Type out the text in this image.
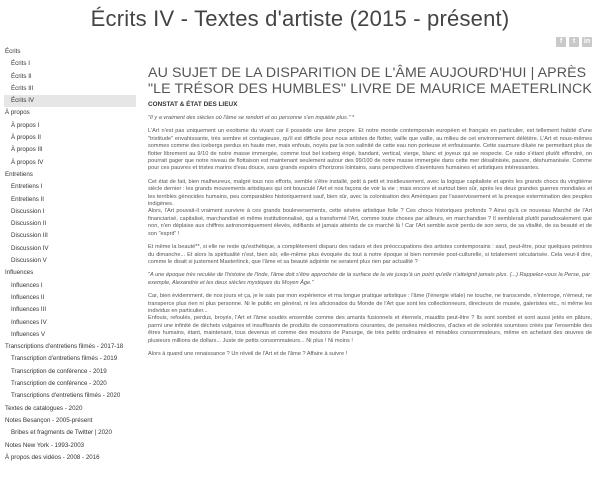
Écrits IV - Textes d'artiste (2015 - présent)
f	t	in
Écrits
Écrits I
Écrits II
Écrits III
Écrits IV
À propos
À propos I
À propos II
À propos III
À propos IV
Entretiens
Entretiens I
Entretiens II
Discussion I
Discussion II
Discussion III
Discussion IV
Discussion V
Influences
Influences I
Influences II
Influences III
Influences IV
Influences V
Transcriptions d'entretiens filmés - 2017-18
Transcription d'entretiens filmés - 2019
Transcription de conférence - 2019
Transcription de conférence - 2020
Transcriptions d'entretiens filmés - 2020
Textes de catalogues - 2020
Notes Besançon - 2005-présent
Bribes et fragments de Twitter | 2020
Notes New York - 1993-2003
À propos des vidéos - 2008 - 2016
AU SUJET DE LA DISPARITION DE L'ÂME AUJOURD'HUI | APRÈS "LE TRÉSOR DES HUMBLES" LIVRE DE MAURICE MAETERLINCK
CONSTAT & ÉTAT DES LIEUX

"Il y a vraiment des siècles où l'âme se rendort et ou personne s'en inquiète plus." *

L'Art n'est pas uniquement un exotisme du vivant car il possède une âme propre. Et notre monde contemporain européen et français en particulier, est tellement habité d'une "tristitude" envahissante, très sombre et contagieuse, qu'il est difficile pour nous artistes de flotter, vaille que vaille, au milieu de cet environnement délétère. L'Art et nous-mêmes sommes comme des icebergs perdus en haute mer, mais enfouis, noyés par la non salinité de cette eau non porteuse et enfouissante. Cette saumure diluée ne permettant plus de flotter librement au 9/10 de notre masse immergée, comme tout bel iceberg érigé, bandant, vertical, vierge, blanc et joyeux qui se respecte. Ce ratio s'étant plutôt effondré, on pourrait gager que notre niveau de flottaison est maintenant seulement autour des 99/100 de notre masse immergée dans cette mer désalinisée, pauvre, déshumanisée. Comme pour ces pauvres et tristes marins d'eau douce, sans grands espoirs d'horizons lointains, sans perspectives d'aventures humaines et artistiques intéressantes.

Cet état de fait, bien malheureux, malgré tous nos efforts, semble s'être installé, petit à petit et insidieusement, avec la logique capitaliste et après les grands chocs du vingtième siècle dernier : les grands mouvements artistiques qui ont bousculé l'Art et nos façons de voir la vie ; mais encore et surtout bien sûr, après les deux grandes guerres mondiales et les terribles génocides humains, peu comparables historiquement sauf, bien sûr, avec la colonisation des Amériques par l'asservissement et la presque extermination des peuples indigènes.

Alors, l'Art pouvait-il vraiment survivre à ces grands bouleversements, cette sévère artistique folle ? Ces chocs historiques profonds ? Ainsi qu'à ce nouveau Marché de l'Art financiarisé, capitalisé, marchandisé et même institutionnalisé, qui a transformé l'Art, comme toute choses par ailleurs, en marchandise ? Il semblerait plutôt paradoxalement que non, n'en déplaise aux chiffres astronomiquement élevés, édifiants et jamais atteints de ce marché là ! Car l'Art semble avoir perdu de son sens, de sa vitalité, de sa beauté et de son "esprit" !

Et même la beauté**, si elle ne reste qu'esthétique, a complètement disparu des radars et des préoccupations des artistes contemporains : sauf, peut-être, pour quelques peintres du dimanche... Et alors la spiritualité n'est, bien sûr, elle-même plus évoquée du tout à notre époque si bien nommée post-culturelle, si totalement sécularisée. Cela veut-il dire, comme le disait si justement Maeterlinck, que l'âme et sa beauté adjointe ne seraient plus rien par actualité ?

"A une époque très reculée de l'histoire de l'Inde, l'âme doit s'être approchée de la surface de la vie jusqu'à un point qu'elle n'atteignit jamais plus. (...) Rappelez-vous la Perse, par exemple, Alexandrie et les deux siècles mystiques du Moyen Âge."

Car, bien évidemment, de nos jours et ça, je le sais par mon expérience et ma longue pratique artistique : l'âme (l'énergie vitale) ne touche, ne transcende, n'interroge, n'émeut, ne transperce plus rien ni plus personne. Ni le public en général, ni les aficionados du Monde de l'Art que sont les collectionneurs, directeurs de musée, galeristes etc., ni même les individus en particulier...

Enfouis, refoulés, perdus, broyés, l'Art et l'âme soudés ensemble comme des amants fusionnels et éternels, maudits peut-être ? Ils sont sombré et sont aussi jetés en pâture, parmi une infinité de déchets vulgaires et insuffisants de produits de consommations courantes, de pensées médiocres, d'actes et de volontés soumises créés par l'ensemble des êtres humains, étant, maintenant, tous devenus et comme des moutons de Panurge, de très petits ordinaires et minables consommateurs, même en achetant des œuvres de plusieurs millions de dollars... Juste de petits consommateurs... Ni plus ! Ni moins !

Alors à quand une renaissance ? Un réveil de l'Art et de l'âme ? Affaire à suivre !
